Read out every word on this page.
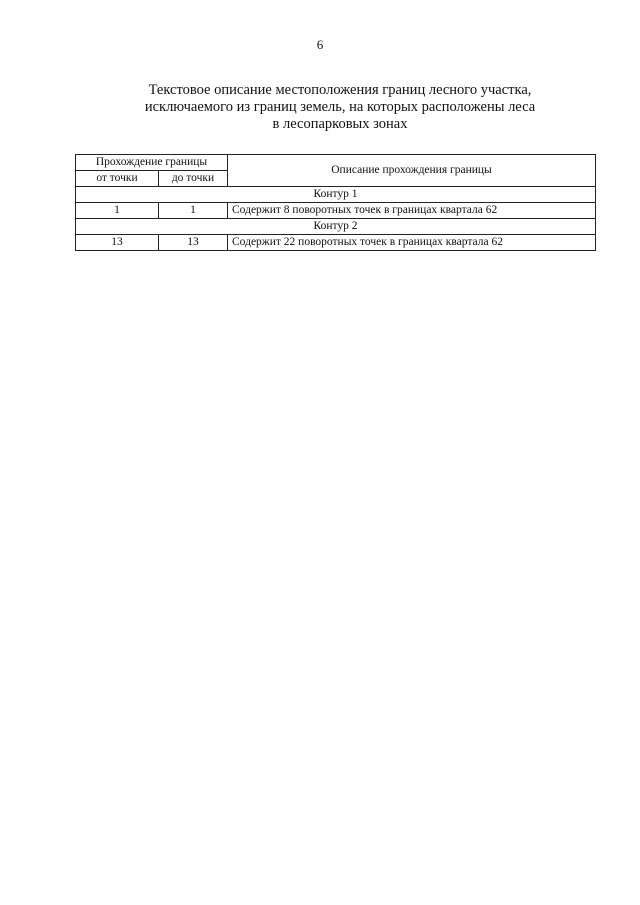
6
Текстовое описание местоположения границ лесного участка,
исключаемого из границ земель, на которых расположены леса
в лесопарковых зонах
Прохождение границы		Описание прохождения границы
от точки	до точки	
Контур 1		
1	1	Содержит 8 поворотных точек в границах квартала 62
Контур 2		
13	13	Содержит 22 поворотных точек в границах квартала 62
